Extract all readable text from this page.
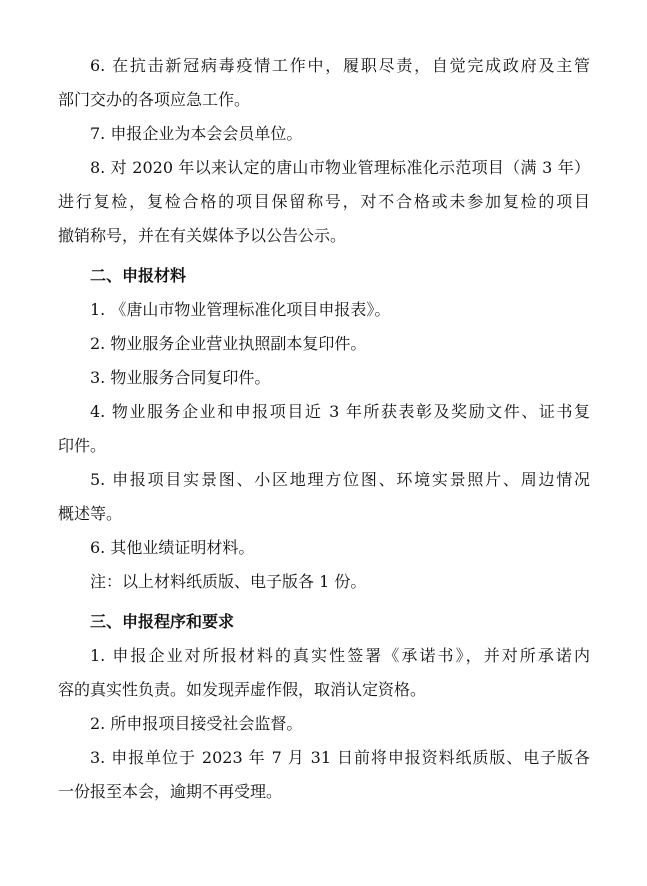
6. 在抗击新冠病毒疫情工作中，履职尽责，自觉完成政府及主管
部门交办的各项应急工作。
7. 申报企业为本会会员单位。
8. 对 2020 年以来认定的唐山市物业管理标准化示范项目（满 3 年）
进行复检，复检合格的项目保留称号，对不合格或未参加复检的项目
撤销称号，并在有关媒体予以公告公示。
二、申报材料
1. 《唐山市物业管理标准化项目申报表》。
2. 物业服务企业营业执照副本复印件。
3. 物业服务合同复印件。
4. 物业服务企业和申报项目近 3 年所获表彰及奖励文件、证书复
印件。
5. 申报项目实景图、小区地理方位图、环境实景照片、周边情况
概述等。
6. 其他业绩证明材料。
注：以上材料纸质版、电子版各 1 份。
三、申报程序和要求
1. 申报企业对所报材料的真实性签署《承诺书》，并对所承诺内
容的真实性负责。如发现弄虚作假，取消认定资格。
2. 所申报项目接受社会监督。
3. 申报单位于 2023 年 7 月 31 日前将申报资料纸质版、电子版各
一份报至本会，逾期不再受理。
